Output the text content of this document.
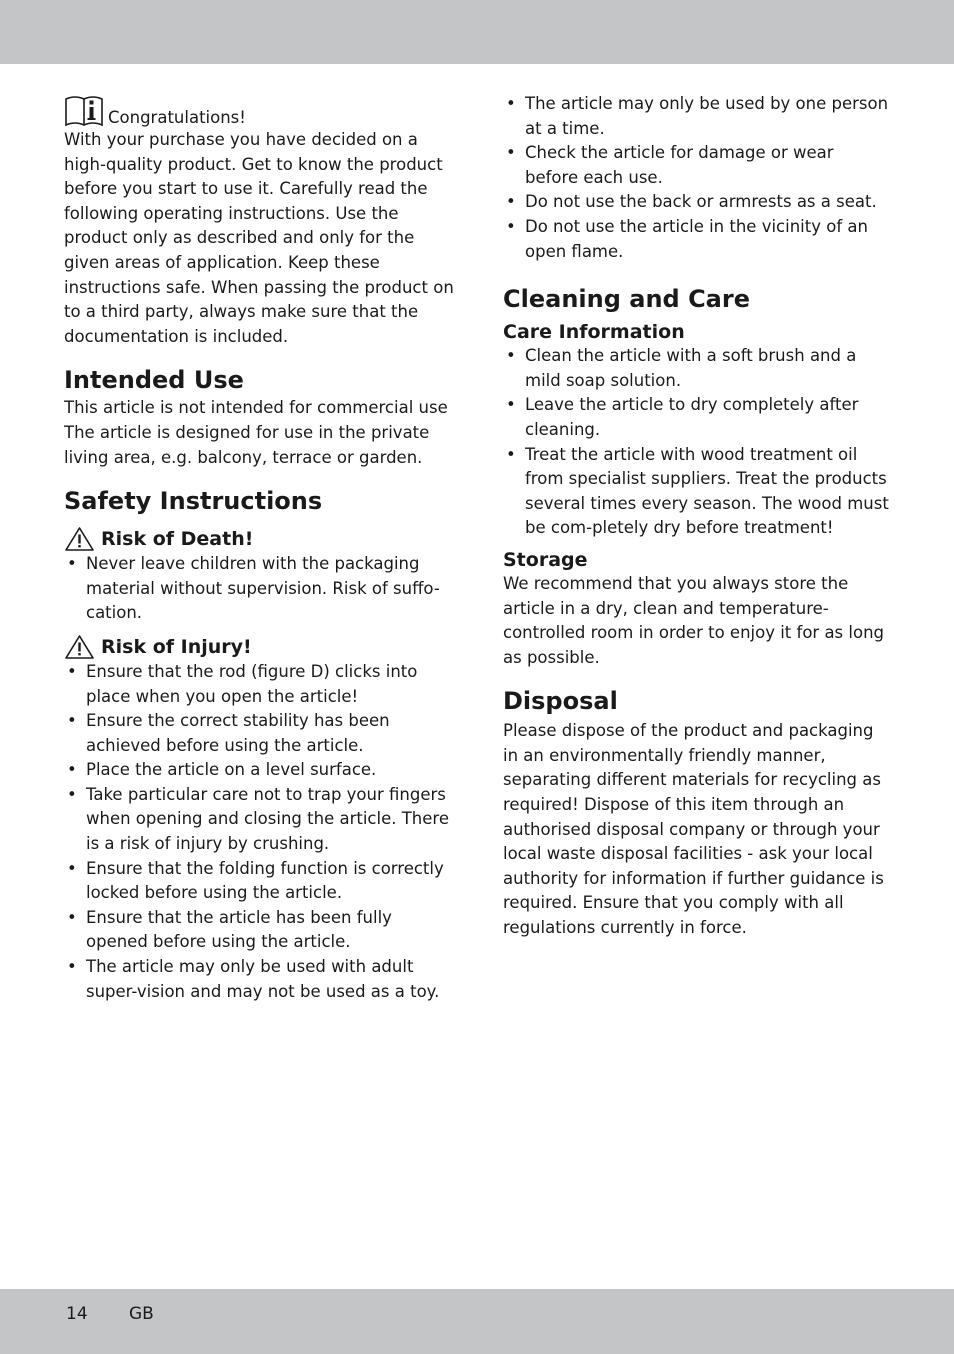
Congratulations!

With your purchase you have decided on a high-quality product. Get to know the product before you start to use it. Carefully read the following operating instructions. Use the product only as described and only for the given areas of application. Keep these instructions safe. When passing the product on to a third party, always make sure that the documentation is included.

Intended Use

This article is not intended for commercial use The article is designed for use in the private living area, e.g. balcony, terrace or garden.

Safety Instructions
Risk of Death!
• Never leave children with the packaging material without supervision. Risk of suffo-cation.
Risk of Injury!
• Ensure that the rod (figure D) clicks into place when you open the article!
• Ensure the correct stability has been achieved before using the article.
• Place the article on a level surface.
• Take particular care not to trap your fingers when opening and closing the article. There is a risk of injury by crushing.
• Ensure that the folding function is correctly locked before using the article.
• Ensure that the article has been fully opened before using the article.
• The article may only be used with adult super-vision and may not be used as a toy.
• The article may only be used by one person at a time.
• Check the article for damage or wear before each use.
• Do not use the back or armrests as a seat.
• Do not use the article in the vicinity of an open flame.
Cleaning and Care
Care Information
• Clean the article with a soft brush and a mild soap solution.
• Leave the article to dry completely after cleaning.
• Treat the article with wood treatment oil from specialist suppliers. Treat the products several times every season. The wood must be com-pletely dry before treatment!
Storage

We recommend that you always store the article in a dry, clean and temperature-controlled room in order to enjoy it for as long as possible.

Disposal

Please dispose of the product and packaging in an environmentally friendly manner, separating different materials for recycling as required! Dispose of this item through an authorised disposal company or through your local waste disposal facilities - ask your local authority for information if further guidance is required. Ensure that you comply with all regulations currently in force.

14 GB
